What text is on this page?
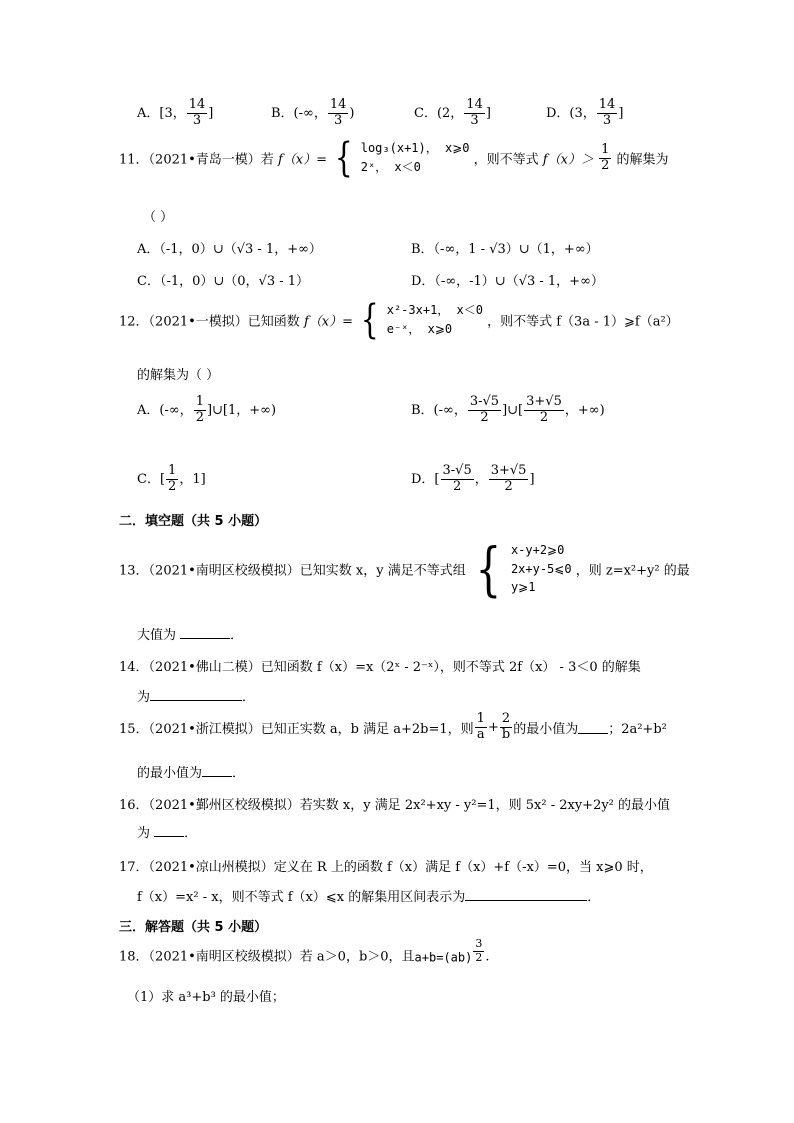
A．[3， $\frac{14}{3}$ ]	B．(-∞， $\frac{14}{3}$ )	C．(2， $\frac{14}{3}$ ]	D．(3， $\frac{14}{3}$ ]
11．（2021•青岛一模）若 f（x）= { log₃(x+1)， x⩾0
2ˣ， x＜0	，则不等式 $f(x)> \frac{1}{2}$ 的解集为
（ ）
A．（-1，0）∪（√3 - 1，+∞）	B．（-∞，1 - √3）∪（1，+∞）
C．（-1，0）∪（0，√3 - 1）	D．（-∞，-1）∪（√3 - 1，+∞）
12．（2021•一模拟）已知函数 f（x）= { x²-3x+1， x＜0
e⁻ˣ， x⩾0	，则不等式 f（3a - 1）⩾f（a²）
的解集为（ ）
A．(-∞， $\frac{1}{2}$ ]∪[1，+∞)	B．(-∞， $\frac{3-√5}{2}$ ]∪[ $\frac{3+√5}{2}$ ，+∞)
C．[ $\frac{1}{2}$ ，1]	D．[ $\frac{3-√5}{2}$ ， $\frac{3+√5}{2}$ ]
二．填空题（共 5 小题）
13．（2021•南明区校级模拟）已知实数 x，y 满足不等式组 { x-y+2⩾0
2x+y-5⩽0
y⩾1
，则 z=x²+y² 的最
大值为	．
14．（2021•佛山二模）已知函数 f（x）=x（2ˣ - 2⁻ˣ），则不等式 2f（x） - 3＜0 的解集
为	．
15．（2021•浙江模拟）已知正实数 a，b 满足 a+2b=1，则 $\frac{1}{a} + \frac{2}{b}$ 的最小值为 ；2a²+b²
的最小值为 ．
16．（2021•鄞州区校级模拟）若实数 x，y 满足 2x²+xy - y²=1，则 5x² - 2xy+2y² 的最小值
为	．
17．（2021•凉山州模拟）定义在 R 上的函数 f（x）满足 f（x）+f（-x）=0，当 x⩾0 时，
f（x）=x² - x，则不等式 f（x）⩽x 的解集用区间表示为	．
三．解答题（共 5 小题）
18．（2021•南明区校级模拟）若 a＞0，b＞0，且$a+b=(ab) \frac{3}{2}$ .
（1）求 a³+b³ 的最小值；
